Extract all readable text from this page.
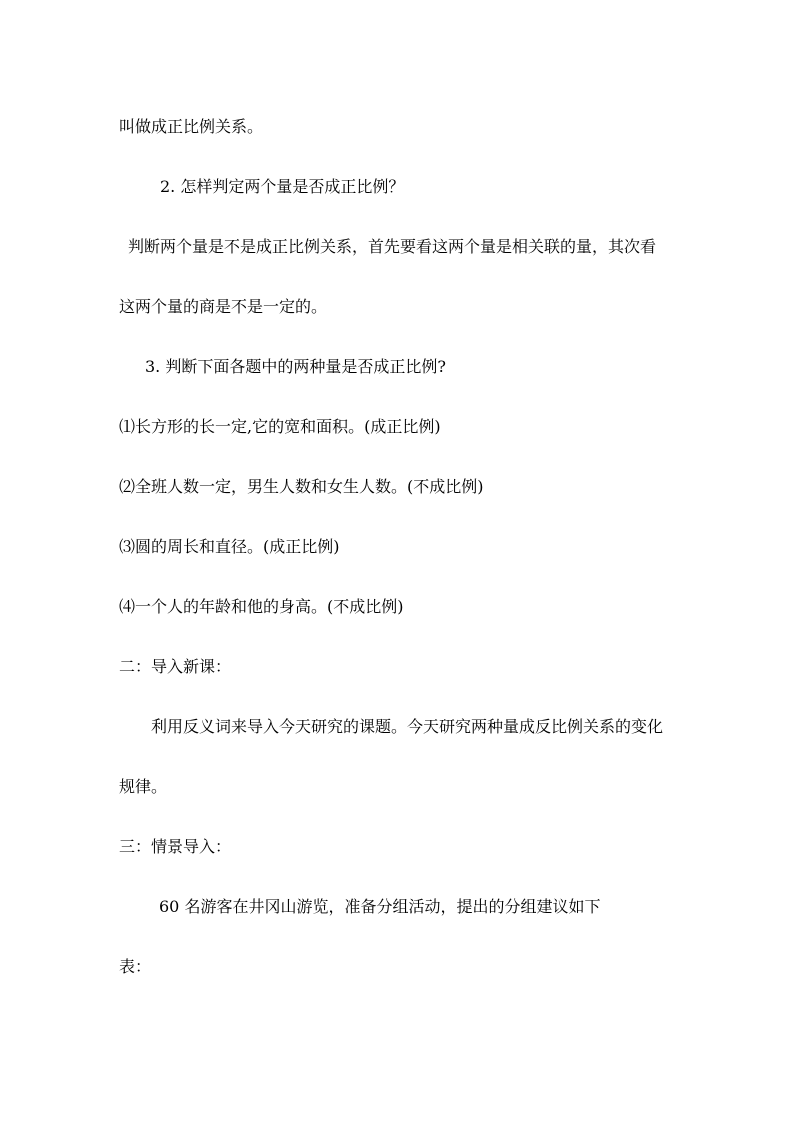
叫做成正比例关系。
2. 怎样判定两个量是否成正比例？
判断两个量是不是成正比例关系，首先要看这两个量是相关联的量，其次看
这两个量的商是不是一定的。
3. 判断下面各题中的两种量是否成正比例?
⑴长方形的长一定,它的宽和面积。(成正比例)
⑵全班人数一定，男生人数和女生人数。(不成比例)
⑶圆的周长和直径。(成正比例)
⑷一个人的年龄和他的身高。(不成比例)
二：导入新课：
利用反义词来导入今天研究的课题。今天研究两种量成反比例关系的变化
规律。
三：情景导入：
60 名游客在井冈山游览，准备分组活动，提出的分组建议如下
表：
